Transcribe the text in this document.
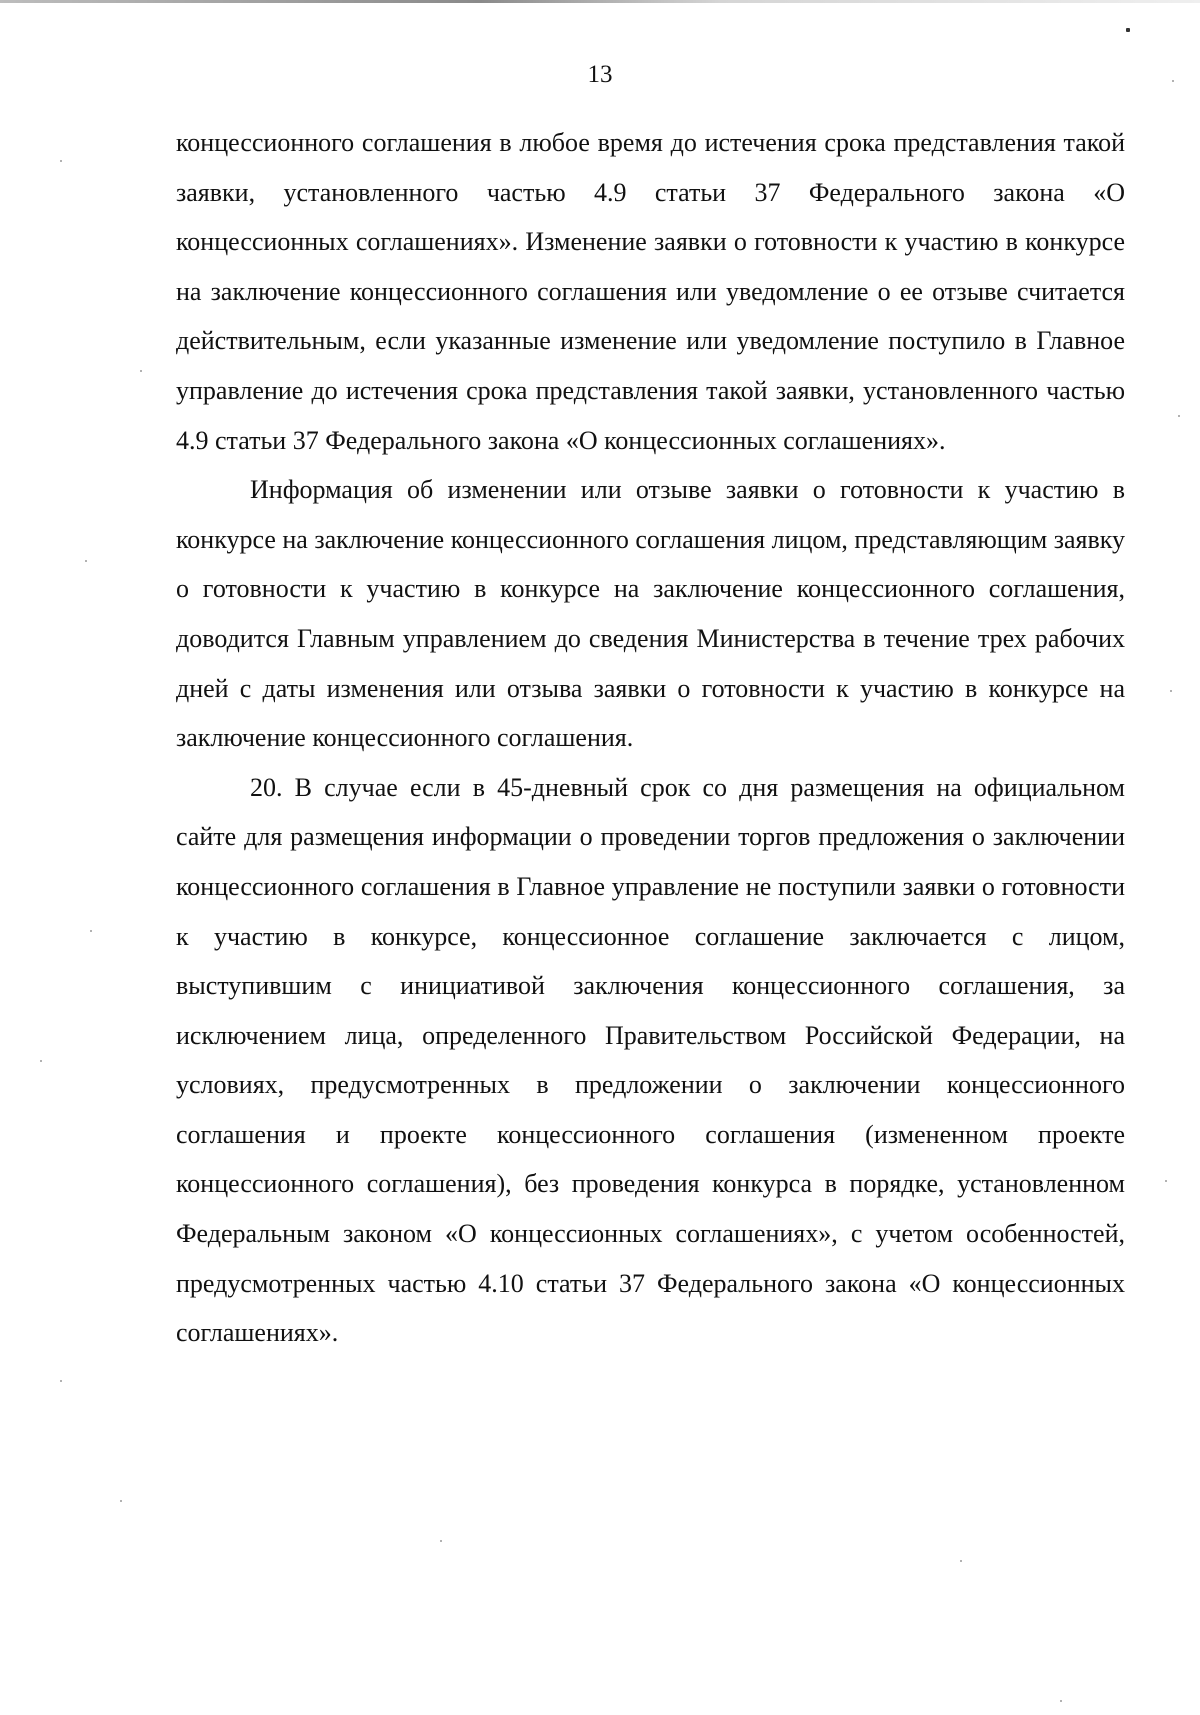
13

концессионного соглашения в любое время до истечения срока представления такой заявки, установленного частью 4.9 статьи 37 Федерального закона «О концессионных соглашениях». Изменение заявки о готовности к участию в конкурсе на заключение концессионного соглашения или уведомление о ее отзыве считается действительным, если указанные изменение или уведомление поступило в Главное управление до истечения срока представления такой заявки, установленного частью 4.9 статьи 37 Федерального закона «О концессионных соглашениях».

Информация об изменении или отзыве заявки о готовности к участию в конкурсе на заключение концессионного соглашения лицом, представляющим заявку о готовности к участию в конкурсе на заключение концессионного соглашения, доводится Главным управлением до сведения Министерства в течение трех рабочих дней с даты изменения или отзыва заявки о готовности к участию в конкурсе на заключение концессионного соглашения.

20. В случае если в 45-дневный срок со дня размещения на официальном сайте для размещения информации о проведении торгов предложения о заключении концессионного соглашения в Главное управление не поступили заявки о готовности к участию в конкурсе, концессионное соглашение заключается с лицом, выступившим с инициативой заключения концессионного соглашения, за исключением лица, определенного Правительством Российской Федерации, на условиях, предусмотренных в предложении о заключении концессионного соглашения и проекте концессионного соглашения (измененном проекте концессионного соглашения), без проведения конкурса в порядке, установленном Федеральным законом «О концессионных соглашениях», с учетом особенностей, предусмотренных частью 4.10 статьи 37 Федерального закона «О концессионных соглашениях».
